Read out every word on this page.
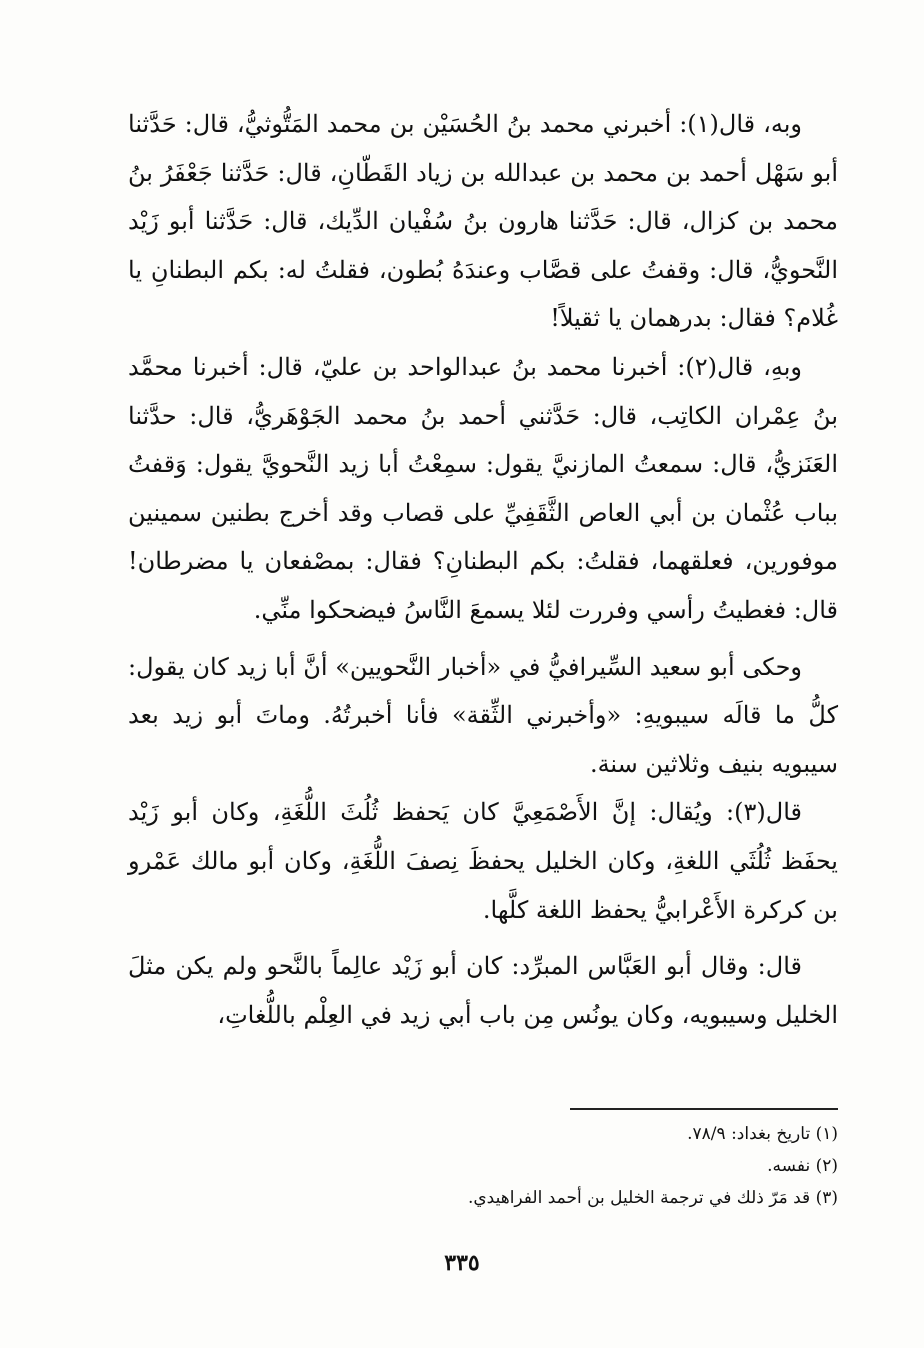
وبه، قال(١): أخبرني محمد بنُ الحُسَيْن بن محمد المَتُّوثيُّ، قال: حَدَّثنا أبو سَهْل أحمد بن محمد بن عبدالله بن زياد القَطّانِ، قال: حَدَّثنا جَعْفَرُ بنُ محمد بن كزال، قال: حَدَّثنا هارون بنُ سُفْيان الدِّيك، قال: حَدَّثنا أبو زَيْد النَّحويُّ، قال: وقفتُ على قصَّاب وعندَهُ بُطون، فقلتُ له: بكم البطنانِ يا غُلام؟ فقال: بدرهمان يا ثقيلاً!

وبهِ، قال(٢): أخبرنا محمد بنُ عبدالواحد بن عليّ، قال: أخبرنا محمَّد بنُ عِمْران الكاتِب، قال: حَدَّثني أحمد بنُ محمد الجَوْهَريُّ، قال: حدَّثنا العَنَزيُّ، قال: سمعتُ المازنيَّ يقول: سمِعْتُ أبا زيد النَّحويَّ يقول: وَقفتُ بباب عُثْمان بن أبي العاص الثَّقَفِيِّ على قصاب وقد أخرج بطنين سمينين موفورين، فعلقهما، فقلتُ: بكم البطنانِ؟ فقال: بمصْفعان يا مضرطان! قال: فغطيتُ رأسي وفررت لئلا يسمعَ النَّاسُ فيضحكوا منِّي.

وحكى أبو سعيد السِّيرافيُّ في «أخبار النَّحويين» أنَّ أبا زيد كان يقول: كلُّ ما قالَه سيبويهِ: «وأخبرني الثِّقة» فأنا أخبرتُهُ. وماتَ أبو زيد بعد سيبويه بنيف وثلاثين سنة.

قال(٣): ويُقال: إنَّ الأَصْمَعِيَّ كان يَحفظ ثُلُثَ اللُّغَةِ، وكان أبو زَيْد يحفَظ ثُلُثَي اللغةِ، وكان الخليل يحفظَ نِصفَ اللُّغَةِ، وكان أبو مالك عَمْرو بن كركرة الأَعْرابيُّ يحفظ اللغة كلَّها.

قال: وقال أبو العَبَّاس المبرِّد: كان أبو زَيْد عالِماً بالنَّحو ولم يكن مثلَ الخليل وسيبويه، وكان يونُس مِن باب أبي زيد في العِلْم باللُّغاتِ،

(١) تاريخ بغداد: ٧٨/٩.

(٢) نفسه.

(٣) قد مَرّ ذلك في ترجمة الخليل بن أحمد الفراهيدي.

٣٣٥
